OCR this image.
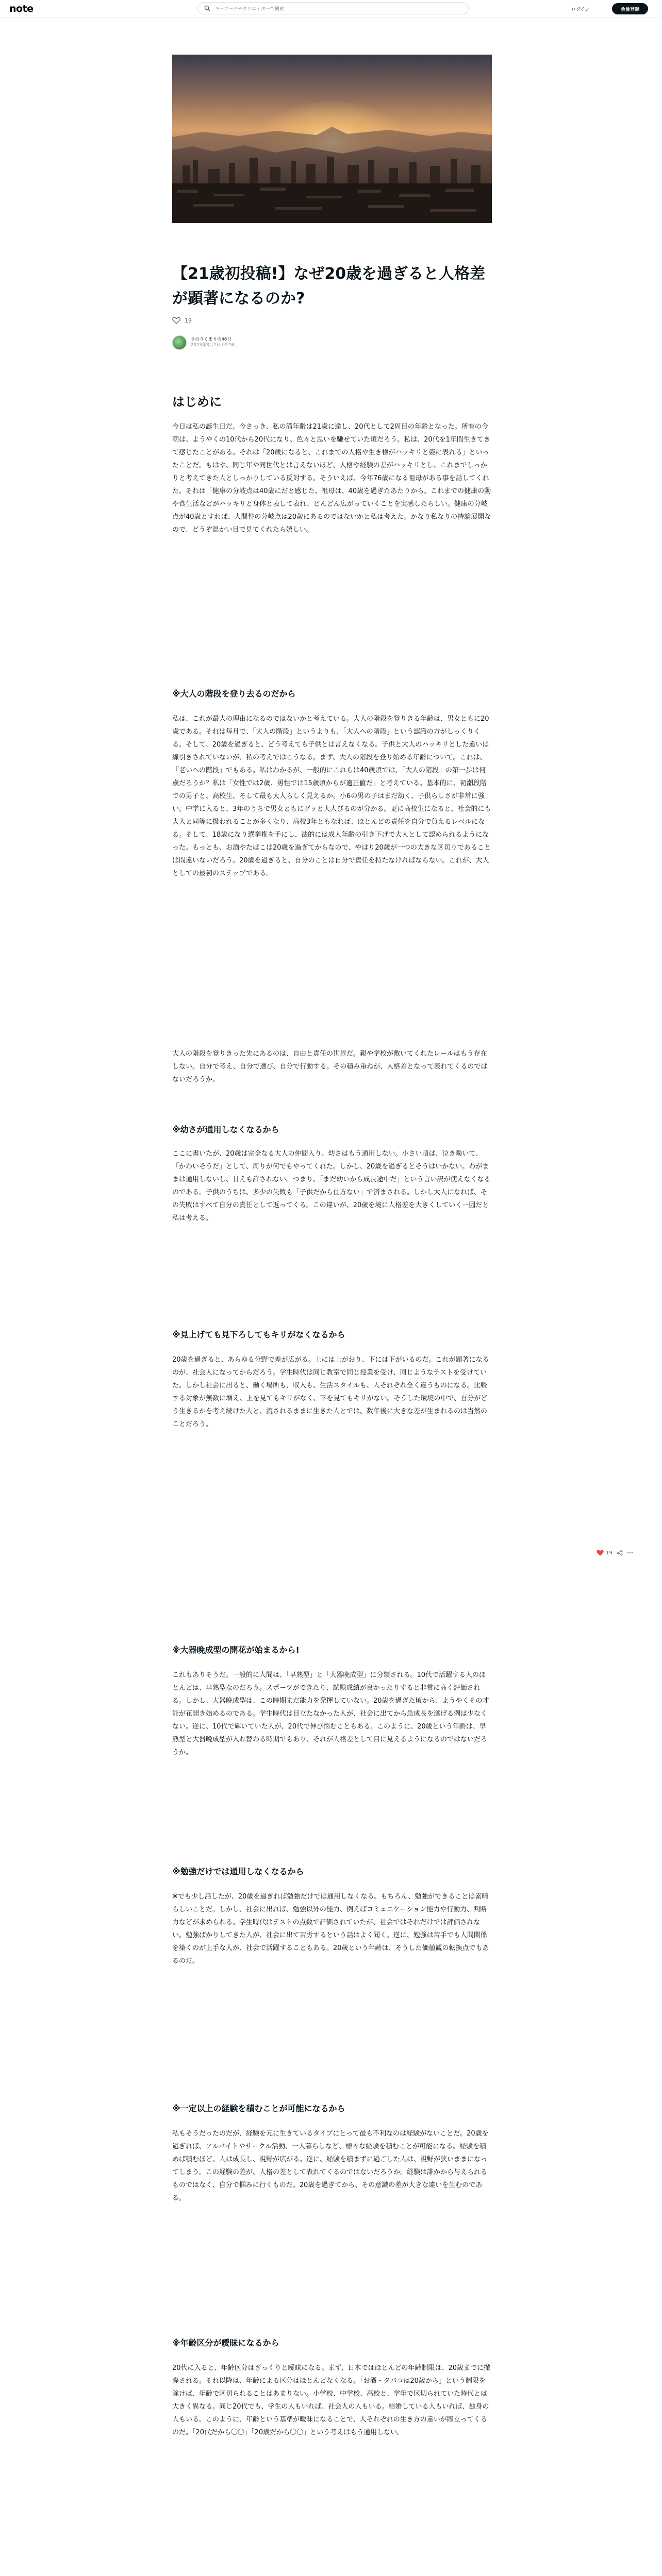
note	キーワードやクリエイターで検索	ログイン	会員登録
【21歳初投稿!】なぜ20歳を過ぎると人格差が顕著になるのか?
19
さのりくまりの46日
2023年8月7日 07:56
はじめに

今日は私の誕生日だ。今さっき、私の満年齢は21歳に達し、20代として2周目の年齢となった。所有の今朝は、ようやくの10代から20代になり、色々と思いを馳せていた頃だろう。私は、20代を1年間生きてきて感じたことがある。それは「20歳になると、これまでの人格や生き様がハッキリと姿に表れる」といったことだ。もはや、同じ年や同世代とは言えないほど、人格や経験の差がハッキリとし、これまでしっかりと考えてきた人としっかりしている反対する。そういえば、今年76歳になる祖母がある事を話してくれた。それは「健康の分岐点は40歳にだと感じた、祖母は、40歳を過ぎたあたりから、これまでの健康の動や食生活などがハッキリと身体と表して表れ、どんどん広がっていくことを実感したらしい。健康の分岐点が40歳とすれば、人間性の分岐点は20歳にあるのではないかと私は考えた。かなり私なりの持論展開なので、どうぞ温かい目で見てくれたら嬉しい。

※大人の階段を登り去るのだから

私は、これが最大の理由になるのではないかと考えている。大人の階段を登りきる年齢は、男女ともに20歳である。それは毎月で、「大人の階段」というよりも、「大人への階段」という認識の方がしっくりくる。そして、20歳を過ぎると、どう考えても子供とは言えなくなる。子供と大人のハッキリとした違いは線引きされていないが、私の考えではこうなる。まず、大人の階段を登り始める年齢について。これは、「老いへの階段」でもある。私はわかるが、一般的にこれらは40歳頃では、「大人の階段」の第一歩は何歳だろうか？私は「女性では2歳、男性では15歳頃からが適正値だ」と考えている。基本的に、初潮段階での男子と、高校生、そして最も大人らしく見えるか。小6の男の子はまだ幼く、子供らしさが非常に強い。中学に入ると、3年のうちで男女ともにグッと大人びるのが分かる。更に高校生になると、社会的にも大人と同等に扱われることが多くなり、高校3年ともなれば、ほとんどの責任を自分で負えるレベルになる。そして、18歳になり選挙権を手にし、法的には成人年齢の引き下げで大人として認められるようになった。もっとも、お酒やたばこは20歳を過ぎてからなので、やはり20歳が一つの大きな区切りであることは間違いないだろう。20歳を過ぎると、自分のことは自分で責任を持たなければならない。これが、大人としての最初のステップである。

大人の階段を登りきった先にあるのは、自由と責任の世界だ。親や学校が敷いてくれたレールはもう存在しない。自分で考え、自分で選び、自分で行動する。その積み重ねが、人格差となって表れてくるのではないだろうか。

※幼さが通用しなくなるから

ここに書いたが、20歳は完全なる大人の仲間入り、幼さはもう通用しない。小さい頃は、泣き喚いて、「かわいそうだ」として、周りが何でもやってくれた。しかし、20歳を過ぎるとそうはいかない。わがままは通用しないし、甘えも許されない。つまり、「まだ幼いから成長途中だ」という言い訳が使えなくなるのである。子供のうちは、多少の失敗も「子供だから仕方ない」で済まされる。しかし大人になれば、その失敗はすべて自分の責任として返ってくる。この違いが、20歳を境に人格差を大きくしていく一因だと私は考える。

※見上げても見下ろしてもキリがなくなるから

20歳を過ぎると、あらゆる分野で差が広がる。上には上がおり、下には下がいるのだ。これが顕著になるのが、社会人になってからだろう。学生時代は同じ教室で同じ授業を受け、同じようなテストを受けていた。しかし社会に出ると、働く場所も、収入も、生活スタイルも、人それぞれ全く違うものになる。比較する対象が無数に増え、上を見てもキリがなく、下を見てもキリがない。そうした環境の中で、自分がどう生きるかを考え続けた人と、流されるままに生きた人とでは、数年後に大きな差が生まれるのは当然のことだろう。

※大器晩成型の開花が始まるから!

これもありそうだ。一般的に人間は、「早熟型」と「大器晩成型」に分類される。10代で活躍する人のほとんどは、早熟型なのだろう。スポーツができたり、試験成績が良かったりすると非常に高く評価される。しかし、大器晩成型は、この時期まだ能力を発揮していない。20歳を過ぎた頃から、ようやくその才能が花開き始めるのである。学生時代は目立たなかった人が、社会に出てから急成長を遂げる例は少なくない。逆に、10代で輝いていた人が、20代で伸び悩むこともある。このように、20歳という年齢は、早熟型と大器晩成型が入れ替わる時期でもあり、それが人格差として目に見えるようになるのではないだろうか。

※勉強だけでは通用しなくなるから

※でも少し話したが、20歳を過ぎれば勉強だけでは通用しなくなる。もちろん、勉強ができることは素晴らしいことだ。しかし、社会に出れば、勉強以外の能力、例えばコミュニケーション能力や行動力、判断力などが求められる。学生時代はテストの点数で評価されていたが、社会ではそれだけでは評価されない。勉強ばかりしてきた人が、社会に出て苦労するという話はよく聞く。逆に、勉強は苦手でも人間関係を築くのが上手な人が、社会で活躍することもある。20歳という年齢は、そうした価値観の転換点でもあるのだ。

※一定以上の経験を積むことが可能になるから

私もそうだったのだが、経験を元に生きているタイプにとって最も不利なのは経験がないことだ。20歳を過ぎれば、アルバイトやサークル活動、一人暮らしなど、様々な経験を積むことが可能になる。経験を積めば積むほど、人は成長し、視野が広がる。逆に、経験を積まずに過ごした人は、視野が狭いままになってしまう。この経験の差が、人格の差として表れてくるのではないだろうか。経験は誰かから与えられるものではなく、自分で掴みに行くものだ。20歳を過ぎてから、その意識の差が大きな違いを生むのである。

※年齢区分が曖昧になるから

20代に入ると、年齢区分はざっくりと曖昧になる。まず、日本ではほとんどの年齢制限は、20歳までに撤廃される。それ以降は、年齢による区分はほとんどなくなる。「お酒・タバコは20歳から」という制限を除けば、年齢で区切られることはあまりない。小学校、中学校、高校と、学年で区切られていた時代とは大きく異なる。同じ20代でも、学生の人もいれば、社会人の人もいる。結婚している人もいれば、独身の人もいる。このように、年齢という基準が曖昧になることで、人それぞれの生き方の違いが際立ってくるのだ。「20代だから〇〇」「20歳だから〇〇」という考えはもう通用しない。

19
